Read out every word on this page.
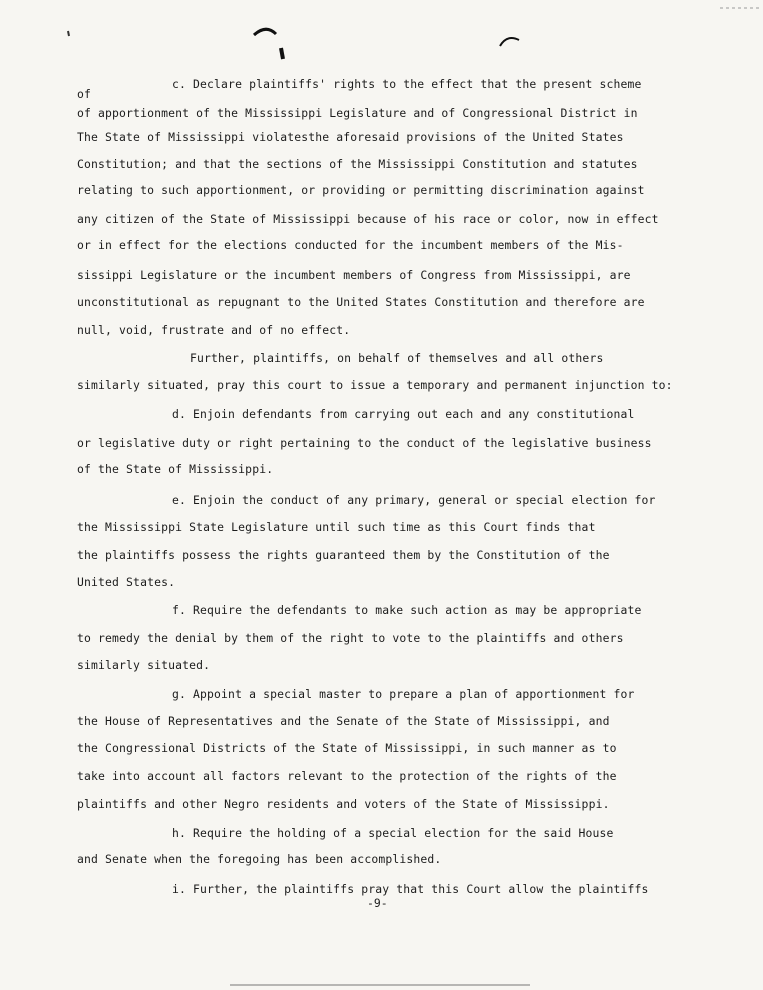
c. Declare plaintiffs' rights to the effect that the present scheme
of
of apportionment of the Mississippi Legislature and of Congressional District in
The State of Mississippi violatesthe aforesaid provisions of the United States
Constitution; and that the sections of the Mississippi Constitution and statutes
relating to such apportionment, or providing or permitting discrimination against
any citizen of the State of Mississippi because of his race or color, now in effect
or in effect for the elections conducted for the incumbent members of the Mis-
sissippi Legislature or the incumbent members of Congress from Mississippi, are
unconstitutional as repugnant to the United States Constitution and therefore are
null, void, frustrate and of no effect.
Further, plaintiffs, on behalf of themselves and all others
similarly situated, pray this court to issue a temporary and permanent injunction to:
d. Enjoin defendants from carrying out each and any constitutional
or legislative duty or right pertaining to the conduct of the legislative business
of the State of Mississippi.
e. Enjoin the conduct of any primary, general or special election for
the Mississippi State Legislature until such time as this Court finds that
the plaintiffs possess the rights guaranteed them by the Constitution of the
United States.
f. Require the defendants to make such action as may be appropriate
to remedy the denial by them of the right to vote to the plaintiffs and others
similarly situated.
g. Appoint a special master to prepare a plan of apportionment for
the House of Representatives and the Senate of the State of Mississippi, and
the Congressional Districts of the State of Mississippi, in such manner as to
take into account all factors relevant to the protection of the rights of the
plaintiffs and other Negro residents and voters of the State of Mississippi.
h. Require the holding of a special election for the said House
and Senate when the foregoing has been accomplished.
i. Further, the plaintiffs pray that this Court allow the plaintiffs
-9-
